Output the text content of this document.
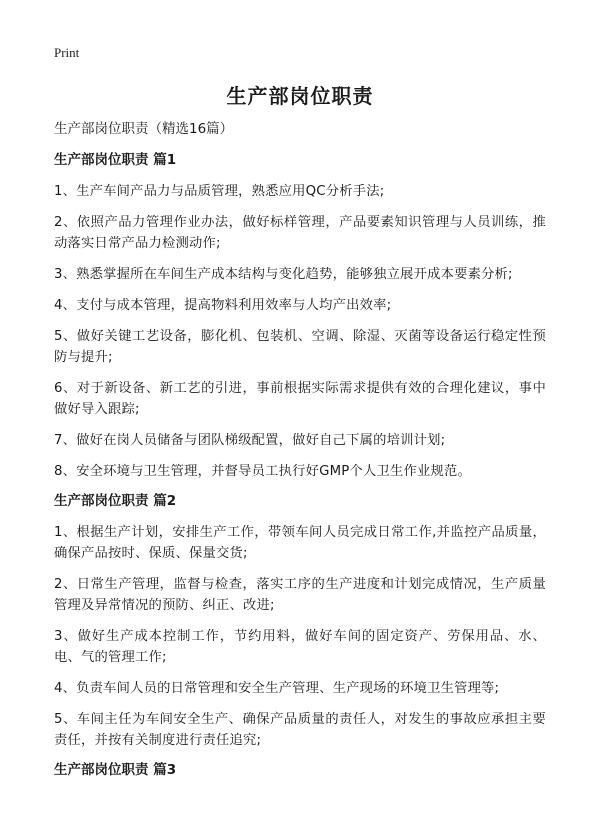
Print
生产部岗位职责
生产部岗位职责（精选16篇）
生产部岗位职责 篇1

1、生产车间产品力与品质管理，熟悉应用QC分析手法;

2、依照产品力管理作业办法，做好标样管理，产品要素知识管理与人员训练，推动落实日常产品力检测动作;

3、熟悉掌握所在车间生产成本结构与变化趋势，能够独立展开成本要素分析;

4、支付与成本管理，提高物料利用效率与人均产出效率;

5、做好关键工艺设备，膨化机、包装机、空调、除湿、灭菌等设备运行稳定性预防与提升;

6、对于新设备、新工艺的引进，事前根据实际需求提供有效的合理化建议，事中做好导入跟踪;

7、做好在岗人员储备与团队梯级配置，做好自己下属的培训计划;

8、安全环境与卫生管理，并督导员工执行好GMP个人卫生作业规范。

生产部岗位职责 篇2

1、根据生产计划，安排生产工作，带领车间人员完成日常工作,并监控产品质量，确保产品按时、保质、保量交货;

2、日常生产管理，监督与检查，落实工序的生产进度和计划完成情况，生产质量管理及异常情况的预防、纠正、改进;

3、做好生产成本控制工作，节约用料，做好车间的固定资产、劳保用品、水、电、气的管理工作;

4、负责车间人员的日常管理和安全生产管理、生产现场的环境卫生管理等;

5、车间主任为车间安全生产、确保产品质量的责任人，对发生的事故应承担主要责任，并按有关制度进行责任追究;

生产部岗位职责 篇3
